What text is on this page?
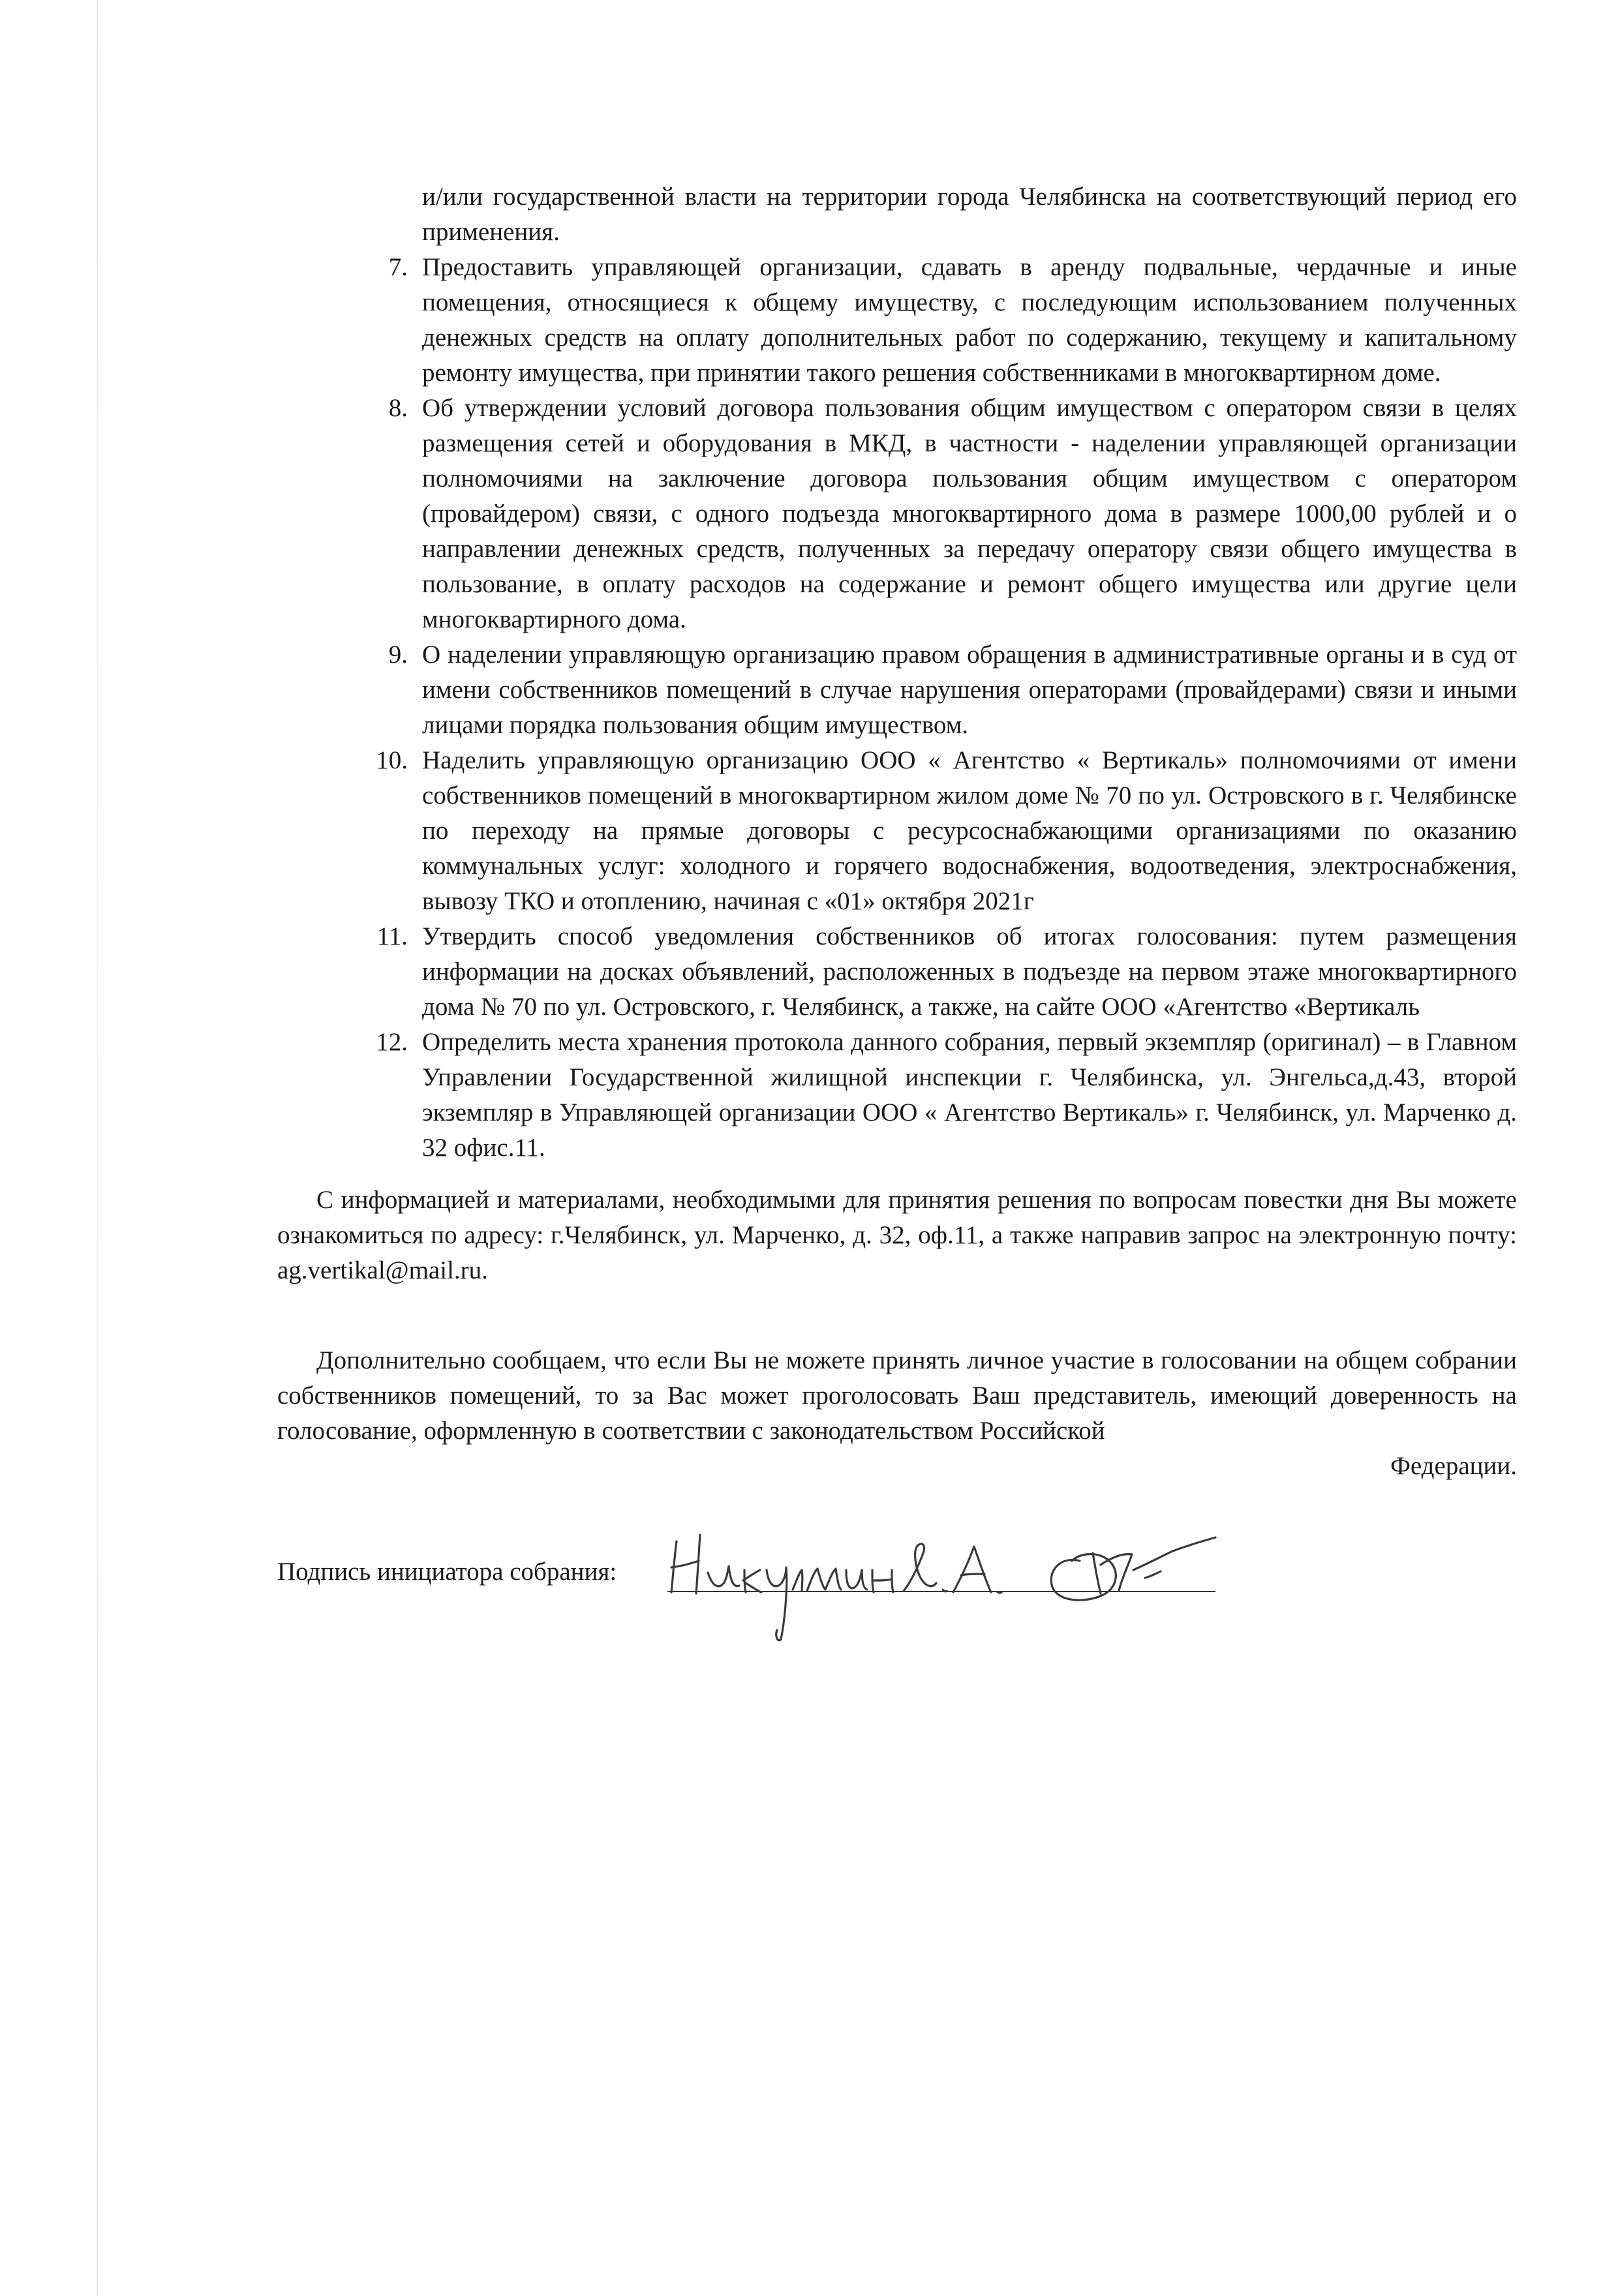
и/или государственной власти на территории города Челябинска на соответствующий период его применения.
7. Предоставить управляющей организации, сдавать в аренду подвальные, чердачные и иные помещения, относящиеся к общему имуществу, с последующим использованием полученных денежных средств на оплату дополнительных работ по содержанию, текущему и капитальному ремонту имущества, при принятии такого решения собственниками в многоквартирном доме.
8. Об утверждении условий договора пользования общим имуществом с оператором связи в целях размещения сетей и оборудования в МКД, в частности - наделении управляющей организации полномочиями на заключение договора пользования общим имуществом с оператором (провайдером) связи, с одного подъезда многоквартирного дома в размере 1000,00 рублей и о направлении денежных средств, полученных за передачу оператору связи общего имущества в пользование, в оплату расходов на содержание и ремонт общего имущества или другие цели многоквартирного дома.
9. О наделении управляющую организацию правом обращения в административные органы и в суд от имени собственников помещений в случае нарушения операторами (провайдерами) связи и иными лицами порядка пользования общим имуществом.
10. Наделить управляющую организацию ООО « Агентство « Вертикаль» полномочиями от имени собственников помещений в многоквартирном жилом доме № 70 по ул. Островского в г. Челябинске по переходу на прямые договоры с ресурсоснабжающими организациями по оказанию коммунальных услуг: холодного и горячего водоснабжения, водоотведения, электроснабжения, вывозу ТКО и отоплению, начиная с «01» октября 2021г
11. Утвердить способ уведомления собственников об итогах голосования: путем размещения информации на досках объявлений, расположенных в подъезде на первом этаже многоквартирного дома № 70 по ул. Островского, г. Челябинск, а также, на сайте ООО «Агентство «Вертикаль
12. Определить места хранения протокола данного собрания, первый экземпляр (оригинал) – в Главном Управлении Государственной жилищной инспекции г. Челябинска, ул. Энгельса,д.43, второй экземпляр в Управляющей организации ООО « Агентство Вертикаль» г. Челябинск, ул. Марченко д. 32 офис.11.
С информацией и материалами, необходимыми для принятия решения по вопросам повестки дня Вы можете ознакомиться по адресу: г.Челябинск, ул. Марченко, д. 32, оф.11, а также направив запрос на электронную почту: ag.vertikal@mail.ru.
Дополнительно сообщаем, что если Вы не можете принять личное участие в голосовании на общем собрании собственников помещений, то за Вас может проголосовать Ваш представитель, имеющий доверенность на голосование, оформленную в соответствии с законодательством Российской
Федерации.
Подпись инициатора собрания:
